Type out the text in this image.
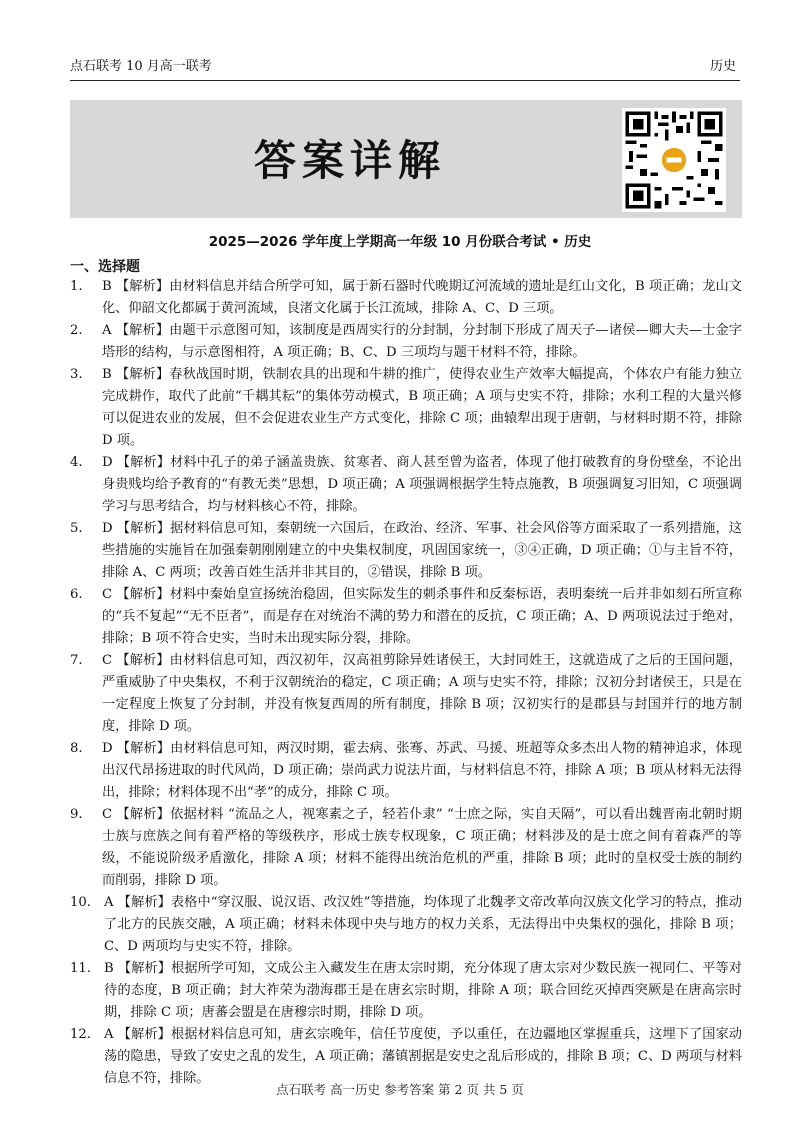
点石联考 10 月高一联考	历史
答案详解
2025—2026 学年度上学期高一年级 10 月份联合考试 • 历史
一、选择题
1.	B 【解析】由材料信息并结合所学可知，属于新石器时代晚期辽河流域的遗址是红山文化，B 项正确；龙山文化、仰韶文化都属于黄河流域，良渚文化属于长江流域，排除 A、C、D 三项。
2.	A 【解析】由题干示意图可知，该制度是西周实行的分封制，分封制下形成了周天子—诸侯—卿大夫—士金字塔形的结构，与示意图相符，A 项正确；B、C、D 三项均与题干材料不符，排除。
3.	B 【解析】春秋战国时期，铁制农具的出现和牛耕的推广，使得农业生产效率大幅提高，个体农户有能力独立完成耕作，取代了此前“千耦其耘”的集体劳动模式，B 项正确；A 项与史实不符，排除；水利工程的大量兴修可以促进农业的发展，但不会促进农业生产方式变化，排除 C 项；曲辕犁出现于唐朝，与材料时期不符，排除 D 项。
4.	D 【解析】材料中孔子的弟子涵盖贵族、贫寒者、商人甚至曾为盗者，体现了他打破教育的身份壁垒，不论出身贵贱均给予教育的“有教无类”思想，D 项正确；A 项强调根据学生特点施教，B 项强调复习旧知，C 项强调学习与思考结合，均与材料核心不符，排除。
5.	D 【解析】据材料信息可知，秦朝统一六国后，在政治、经济、军事、社会风俗等方面采取了一系列措施，这些措施的实施旨在加强秦朝刚刚建立的中央集权制度，巩固国家统一，③④正确，D 项正确；①与主旨不符，排除 A、C 两项；改善百姓生活并非其目的，②错误，排除 B 项。
6.	C 【解析】材料中秦始皇宣扬统治稳固，但实际发生的刺杀事件和反秦标语，表明秦统一后并非如刻石所宣称的“兵不复起”“无不臣者”，而是存在对统治不满的势力和潜在的反抗，C 项正确；A、D 两项说法过于绝对，排除；B 项不符合史实，当时未出现实际分裂，排除。
7.	C 【解析】由材料信息可知，西汉初年，汉高祖剪除异姓诸侯王，大封同姓王，这就造成了之后的王国问题，严重威胁了中央集权，不利于汉朝统治的稳定，C 项正确；A 项与史实不符，排除；汉初分封诸侯王，只是在一定程度上恢复了分封制，并没有恢复西周的所有制度，排除 B 项；汉初实行的是郡县与封国并行的地方制度，排除 D 项。
8.	D 【解析】由材料信息可知，两汉时期，霍去病、张骞、苏武、马援、班超等众多杰出人物的精神追求，体现出汉代昂扬进取的时代风尚，D 项正确；崇尚武力说法片面，与材料信息不符，排除 A 项；B 项从材料无法得出，排除；材料体现不出“孝”的成分，排除 C 项。
9.	C 【解析】依据材料 “流品之人，视寒素之子，轻若仆隶” “士庶之际，实自天隔”，可以看出魏晋南北朝时期士族与庶族之间有着严格的等级秩序，形成士族专权现象，C 项正确；材料涉及的是士庶之间有着森严的等级，不能说阶级矛盾激化，排除 A 项；材料不能得出统治危机的严重，排除 B 项；此时的皇权受士族的制约而削弱，排除 D 项。
10. A 【解析】表格中“穿汉服、说汉语、改汉姓”等措施，均体现了北魏孝文帝改革向汉族文化学习的特点，推动了北方的民族交融，A 项正确；材料未体现中央与地方的权力关系，无法得出中央集权的强化，排除 B 项；C、D 两项均与史实不符，排除。
11. B 【解析】根据所学可知，文成公主入藏发生在唐太宗时期，充分体现了唐太宗对少数民族一视同仁、平等对待的态度，B 项正确；封大祚荣为渤海郡王是在唐玄宗时期，排除 A 项；联合回纥灭掉西突厥是在唐高宗时期，排除 C 项；唐蕃会盟是在唐穆宗时期，排除 D 项。
12. A 【解析】根据材料信息可知，唐玄宗晚年，信任节度使，予以重任，在边疆地区掌握重兵，这埋下了国家动荡的隐患，导致了安史之乱的发生，A 项正确；藩镇割据是安史之乱后形成的，排除 B 项；C、D 两项与材料信息不符，排除。
点石联考 高一历史 参考答案 第 2 页 共 5 页
